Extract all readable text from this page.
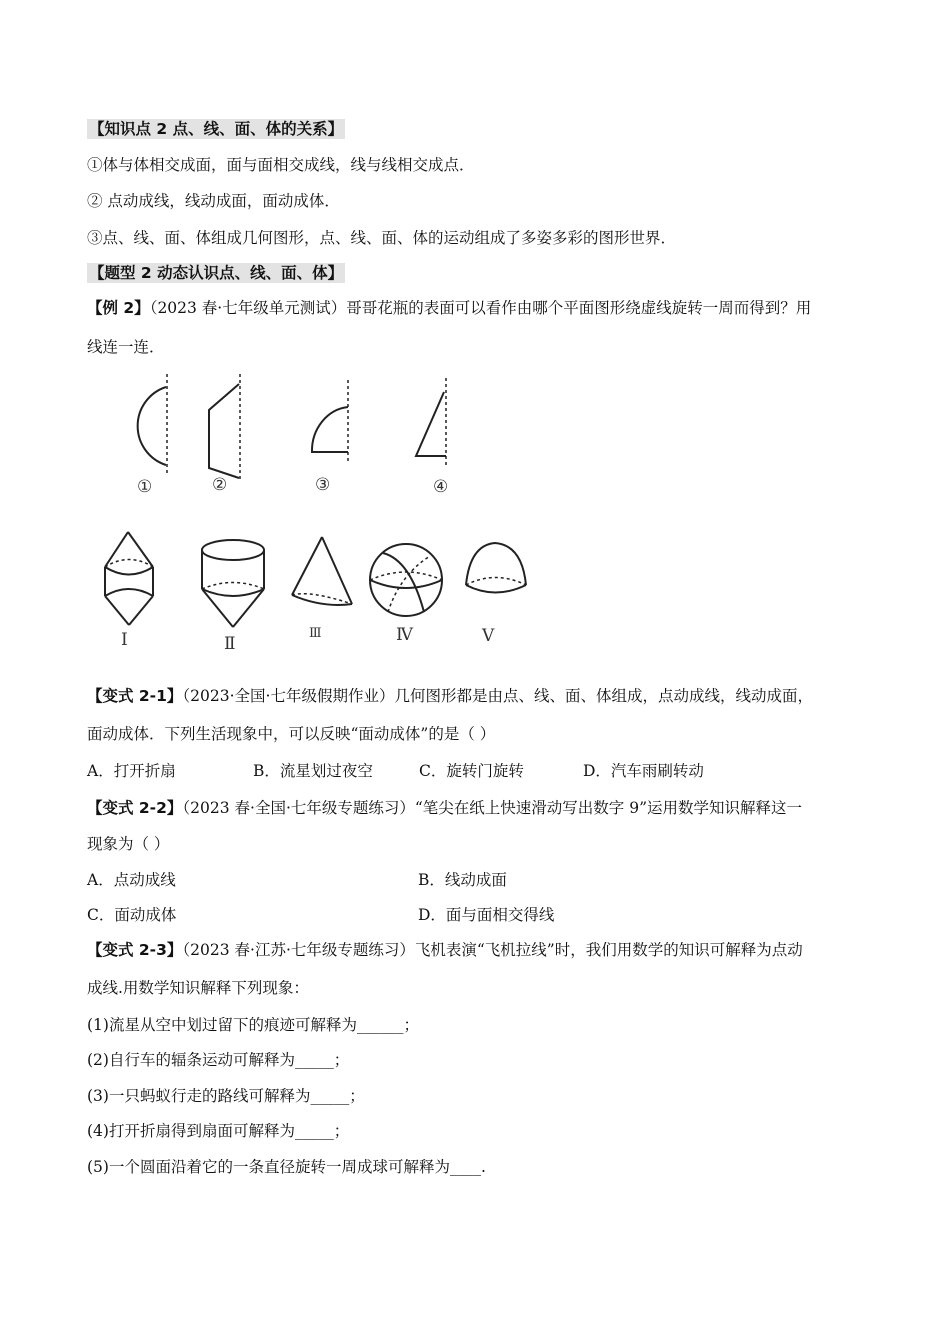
【知识点 2 点、线、面、体的关系】
①体与体相交成面，面与面相交成线，线与线相交成点．
② 点动成线，线动成面，面动成体．
③点、线、面、体组成几何图形，点、线、面、体的运动组成了多姿多彩的图形世界．
【题型 2 动态认识点、线、面、体】
【例 2】（2023 春·七年级单元测试）哥哥花瓶的表面可以看作由哪个平面图形绕虚线旋转一周而得到？用
线连一连．
①	②	③	④
Ⅰ	Ⅱ
Ⅲ	Ⅳ	Ⅴ
【变式 2-1】（2023·全国·七年级假期作业）几何图形都是由点、线、面、体组成，点动成线，线动成面，
面动成体．下列生活现象中，可以反映“面动成体”的是（ ）
A．打开折扇	B．流星划过夜空	C．旋转门旋转	D．汽车雨刷转动
【变式 2-2】（2023 春·全国·七年级专题练习）“笔尖在纸上快速滑动写出数字 9”运用数学知识解释这一
现象为（ ）
A．点动成线	B．线动成面
C．面动成体	D．面与面相交得线
【变式 2-3】（2023 春·江苏·七年级专题练习）飞机表演“飞机拉线”时，我们用数学的知识可解释为点动
成线.用数学知识解释下列现象：
(1)流星从空中划过留下的痕迹可解释为______；
(2)自行车的辐条运动可解释为_____；
(3)一只蚂蚁行走的路线可解释为_____；
(4)打开折扇得到扇面可解释为_____；
(5)一个圆面沿着它的一条直径旋转一周成球可解释为____.
